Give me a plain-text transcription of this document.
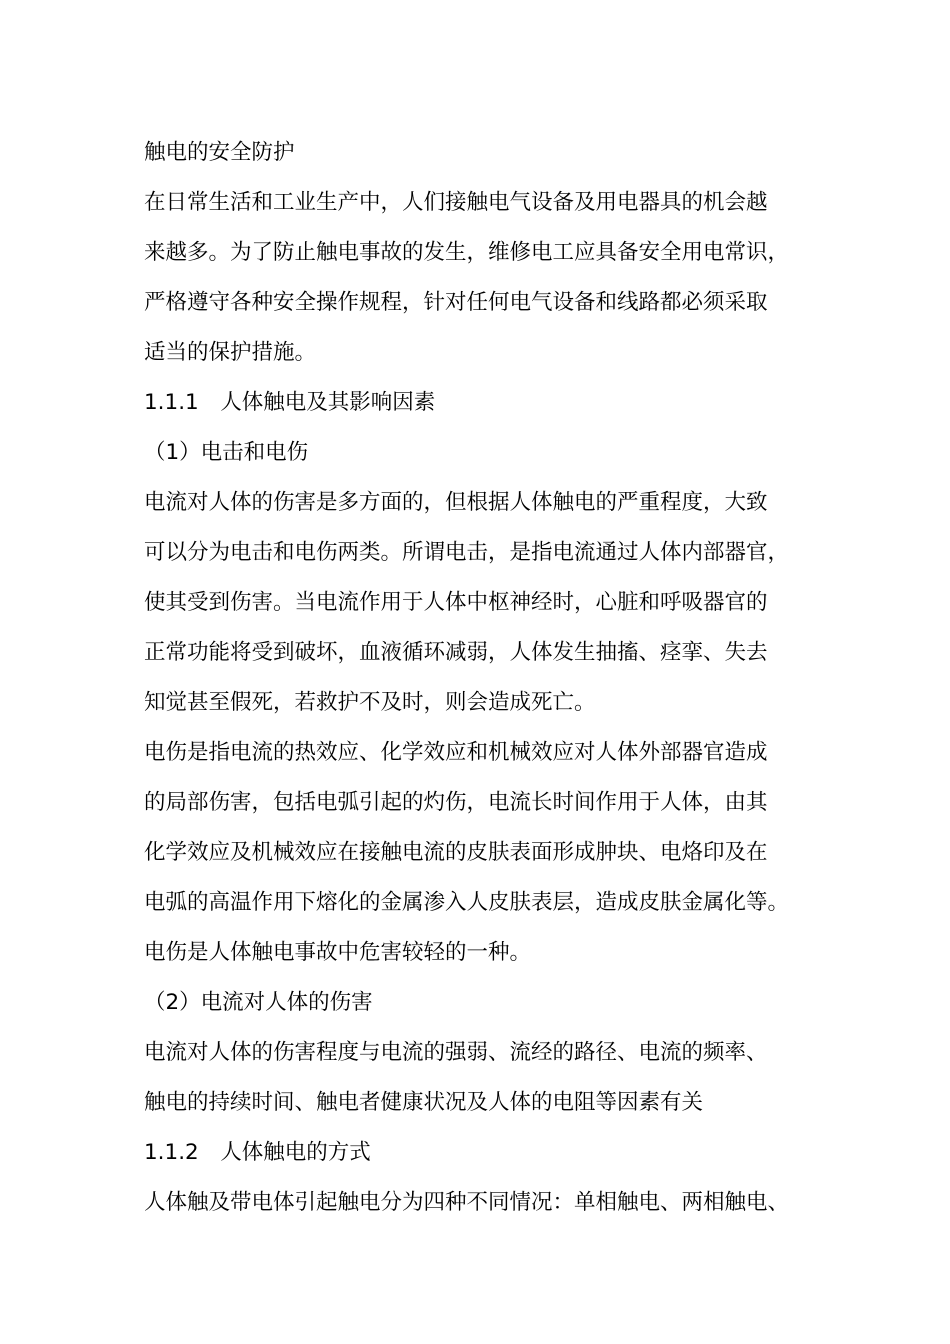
触电的安全防护
在日常生活和工业生产中，人们接触电气设备及用电器具的机会越
来越多。为了防止触电事故的发生，维修电工应具备安全用电常识，
严格遵守各种安全操作规程，针对任何电气设备和线路都必须采取
适当的保护措施。
1.1.1　人体触电及其影响因素
（1）电击和电伤
电流对人体的伤害是多方面的，但根据人体触电的严重程度，大致
可以分为电击和电伤两类。所谓电击，是指电流通过人体内部器官，
使其受到伤害。当电流作用于人体中枢神经时，心脏和呼吸器官的
正常功能将受到破坏，血液循环减弱，人体发生抽搐、痉挛、失去
知觉甚至假死，若救护不及时，则会造成死亡。
电伤是指电流的热效应、化学效应和机械效应对人体外部器官造成
的局部伤害，包括电弧引起的灼伤，电流长时间作用于人体，由其
化学效应及机械效应在接触电流的皮肤表面形成肿块、电烙印及在
电弧的高温作用下熔化的金属渗入人皮肤表层，造成皮肤金属化等。
电伤是人体触电事故中危害较轻的一种。
（2）电流对人体的伤害
电流对人体的伤害程度与电流的强弱、流经的路径、电流的频率、
触电的持续时间、触电者健康状况及人体的电阻等因素有关
1.1.2　人体触电的方式
人体触及带电体引起触电分为四种不同情况：单相触电、两相触电、
